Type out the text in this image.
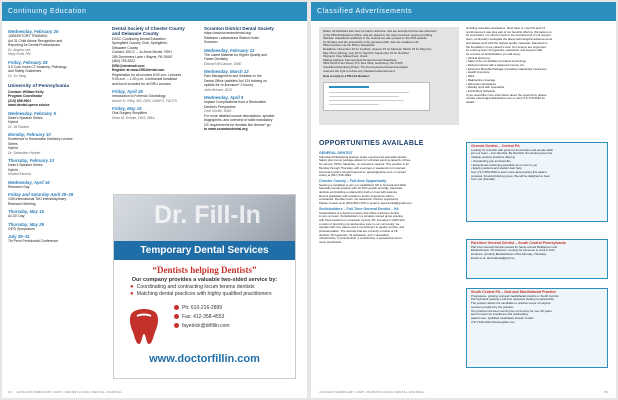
Continuing Education
Wednesday, February 26
JOB/HISTORY TRAINING
Act 31 Child Abuse Recognition and
Reporting for Dental Professionals
Dr. Angela Lee
Mary Kraft, RN
Friday, February 28
3.0 Core hours CT Anatomy, Pathology
and Safety Guidelines
Dr. Xu Yang
University of Pennsylvania
Contact: William Kelly
Program Coordinator
(215) 898-9901
www.dental.upenn.edu/ce
Wednesday, February 5
Dean's Speaker Series
Hybrid
Dr. Jill Radom
Monday, February 10
Excellence in Restorative Dentistry Lecture
Series
Hybrid
Dr. Sebastien Hahnel
Thursday, February 13
Dean's Speaker Series
Hybrid
Khaled Elmosa
Wednesday, April 16
Research Day
Friday and Saturday April 25–26
10th International TMJ Interdisciplinary
Research Meeting
Thursday, May 15
ACCE Day
Thursday, May 29
CIPD Symposium
July 28–31
7th Penn Periodontal Conference
Dental Society of Chester County
and Delaware County
DSCC Continuing Dental Education
Springfield Country Club, Springfield,
Delaware County
Contact: DSCC – Jo-Anne Michel, RDH
289 Drummers Lane • Wayne, PA 19087
(484) 753-5322
DRU@dentmail.com
Register at www.DRUdental.com
Registration for all courses 8:00 a.m. Lectures
9:00 a.m. – 1:00 p.m. Continental breakfast
and lunch included for all DRU courses.
Friday, April 25
Introduction to Forensic Odontology
Amber D. Riley, MS, DDS, DABFO, FACFS
Friday, May 16
Oral Surgery Simplified
Dean M. Deluke, DDS, MBA
Scranton District Dental Society
https://www.scrantondental.org/
Radisson Lackawanna Station Hotel,
Scranton
Wednesday, February 12
The Latest Material for Higher Quality and
Faster Dentistry
Edward McCaman, DMD
Wednesday, March 12
Pain Management and Sedation in the
Dental Office (satisfies Act 124 training on
opioids for re-licensure* 2 hours)
John Brewer, DDS
Wednesday, April 9
Implant Complications from a Restorative
Dentist's Perspective
Cedi Ghotbi, DMD
For more detailed course descriptions, speaker
biographies, and overview of state mandatory
CE requirements for dentists like license* go
to www.scrantondental.org
Dr. Fill-In
Temporary Dental Services
“Dentists helping Dentists”
Our company provides a valuable two-sided service by:
● Coordinating and contracting locum tenens dentists
● Matching dental practices with highly qualified practitioners
Ph: 610-216-2899
Fax: 412-358-4553
fayetrick@drfillin.com
www.doctorfillin.com
34 JANUARY/FEBRUARY 2025 | PENNSYLVANIA DENTAL JOURNAL
Classified Advertisements
Rates: All classified ads must be paid in advance. Ads are accepted at the sole discretion
of the PDA Publications Office. Ads are placed in the order received, space permitting.
Website: Classifieds published in the Journal are also posted on the PDA website
for 90 days and are accessible to the general public. Ads are emailed to all
PDA members via the PDA e-Newsletter.
Deadlines: November 15 for Jan/Feb; January 15 for Mar/Apr; March 15 for May/Jun;
May 15 for Jul/Aug; July 15 for Sep/Oct; September 15 for Nov/Dec.
Payment: Visa, MasterCard, check.
Mailing Address: Pennsylvania Dental Journal Classifieds,
3501 North Front Street, P.O. Box 3341, Harrisburg, PA 17105
Classified Advertising Policy: The Pennsylvania Dental Association
reserves the right to refuse any classified advertisement.
How to reply to a PDJ Ad Number:
including relocation assistance. Must have or meet PA and CT
reimbursement rate plus part of our benefits offering. We believe to
be successful, it is vital to invest in the development of our support
team, continually investigate the latest technological advancements
and always work with the highest quality materials. Teamwork is
the foundation of our patient's care. Our doctors are supported
by a strong team of hygienists, assistants, and support staff.
As a doctor at Smilebuilders you will enjoy:
• Clinical autonomy
• State of the art facilities and latest technology
• Reduced stress with a balanced income mix
• Extensive Benefits Package (including malpractice insurance)
• Health insurance
• 401K
• Malpractice coverage
• Relocation Assistance
• Weekly work with specialists
• Full Patient Schedule
If you would like more information about the opportunity please
contact careers@smilebuilders.com or call (717) 579-0020 for
details.
OPPORTUNITIES AVAILABLE
GENERAL DENTIST
Suburban Philadelphia practice seeks experienced associate dentist.
Salary plus bonus package allows for unlimited earning capacity. All fee-
for-service, PPOs, Medicare, no insurance network. This position is for
Monday through Thursday, with evenings or weekends not required.
Interested parties should respond to: pjcarlo@yahoo.com or contact
Cassy at (847) 545-1993.
Chester County – Full-time Opportunity
Seeking a candidate to join our established GP in General and Multi-
Specialty Dental practice with 10-15% growth annually. Associate
dentists and building a relationship built on trust with patients.
Recent graduates with residency and/or experience will be
considered. Flexible hours. No weekends. Partner opportunity.
Please contact us at (484) 804-1700 or email to sspd.dental@gmail.com
Smilebuilders – Full-Time General Dentist – PA
Smilebuilders is a dental company that offers a full-time dentist
to join our team. Smilebuilders is a privately owned group practice
with three locations in Lancaster County, PA. Founded in 2000 with
a vision of providing comprehensive care to our community, we
operate with core values and a commitment to quality, service, and
professionalism. The dentists that are currently consists of 18
dentists, 25 hygienists, 32 assistants, and 7 specialists,
orthodontists, 2 periodontists, 1 endodontist, a pedodontist and a
nurse anesthetist.
General Dentist – Central PA
Looking for a dentist with great communication and people skills
join our team – Fun Dentists, By Dentists! Our dental group has
multiple practice locations offering:
• Outstanding pay and benefits
• Exceptional continuing education at no cost to you
• Equity positions and student loan help
Text (717) 580-0630 to learn more about joining this patient
centered, forward-thinking group. We will be delighted to hear
from you (Kendall).
Part-time General Dentist – South Central Pennsylvania
Part-time General Dentist needed for family-owned Middletown and
Elizabethtown, PA practices. Looking for someone to work in both
locations; primarily Elizabethtown office Monday–Thursday.
Email us at: altonadental@ptd.net
South Central PA – Oral and Maxillofacial Practice
Progressive, growing oral and maxillofacial practice in South Central
Pennsylvania seeking a full-time associate leading to partnership.
The position allows the candidate to practice scope of surgical
services provided by the practice.
Our practice has been serving the community for over 30 years
and is known for excellence and outstanding
patient care. Qualified candidates should contact
(717) 333-4444 Fivehospitals.com
JANUARY/FEBRUARY 2025 | PENNSYLVANIA DENTAL JOURNAL	35
